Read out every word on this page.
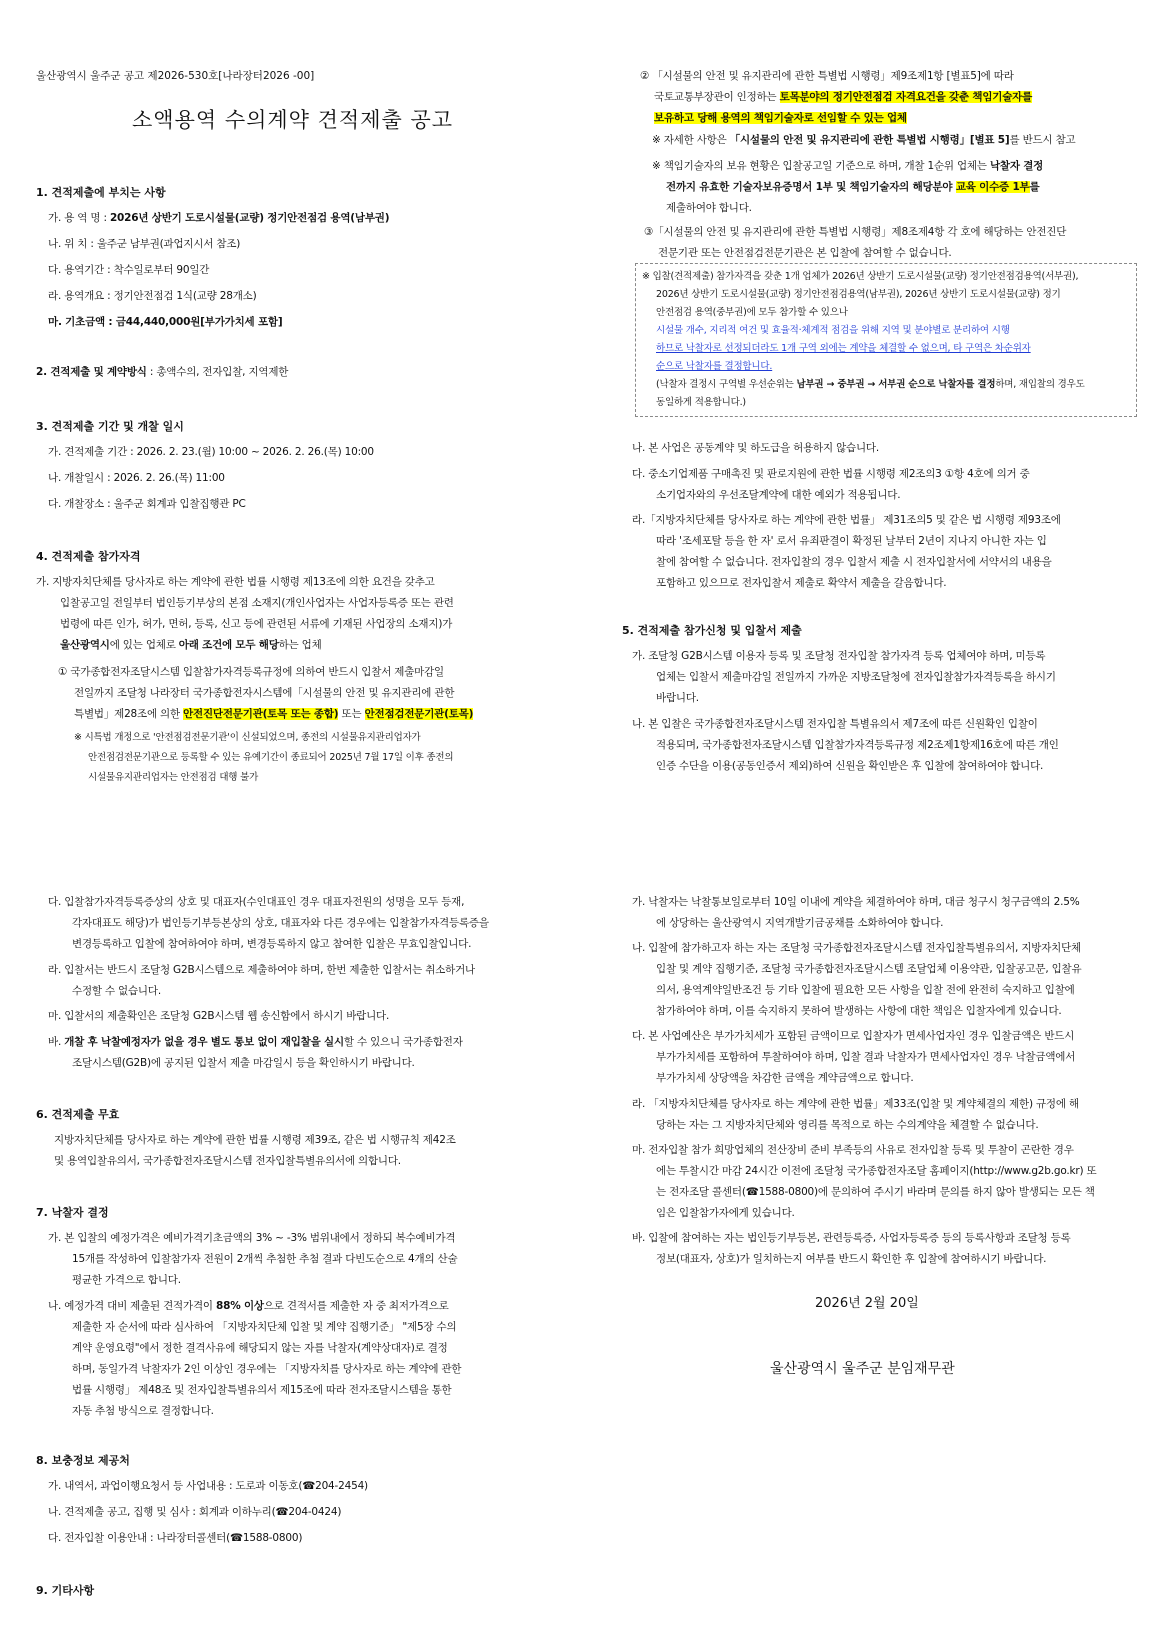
울산광역시 울주군 공고 제2026-530호[나라장터2026 -00]
소액용역 수의계약 견적제출 공고
1. 견적제출에 부치는 사항
가. 용 역 명 : 2026년 상반기 도로시설물(교량) 정기안전점검 용역(남부권)
나. 위 치 : 울주군 남부권(과업지시서 참조)
다. 용역기간 : 착수일로부터 90일간
라. 용역개요 : 정기안전점검 1식(교량 28개소)
마. 기초금액 : 금44,440,000원[부가가치세 포함]
2. 견적제출 및 계약방식 : 총액수의, 전자입찰, 지역제한
3. 견적제출 기간 및 개찰 일시
가. 견적제출 기간 : 2026. 2. 23.(월) 10:00 ~ 2026. 2. 26.(목) 10:00
나. 개찰일시 : 2026. 2. 26.(목) 11:00
다. 개찰장소 : 울주군 회계과 입찰집행관 PC
4. 견적제출 참가자격
가. 지방자치단체를 당사자로 하는 계약에 관한 법률 시행령 제13조에 의한 요건을 갖추고
입찰공고일 전일부터 법인등기부상의 본점 소재지(개인사업자는 사업자등록증 또는 관련
법령에 따른 인가, 허가, 면허, 등록, 신고 등에 관련된 서류에 기재된 사업장의 소재지)가
울산광역시에 있는 업체로 아래 조건에 모두 해당하는 업체
① 국가종합전자조달시스템 입찰참가자격등록규정에 의하여 반드시 입찰서 제출마감일
전일까지 조달청 나라장터 국가종합전자시스템에「시설물의 안전 및 유지관리에 관한
특별법」제28조에 의한 안전진단전문기관(토목 또는 종합) 또는 안전점검전문기관(토목)
※ 시특법 개정으로 '안전점검전문기관'이 신설되었으며, 종전의 시설물유지관리업자가
안전점검전문기관으로 등록할 수 있는 유예기간이 종료되어 2025년 7월 17일 이후 종전의
시설물유지관리업자는 안전점검 대행 불가
② 「시설물의 안전 및 유지관리에 관한 특별법 시행령」제9조제1항 [별표5]에 따라
국토교통부장관이 인정하는 토목분야의 정기안전점검 자격요건을 갖춘 책임기술자를
보유하고 당해 용역의 책임기술자로 선임할 수 있는 업체
※ 자세한 사항은 「시설물의 안전 및 유지관리에 관한 특별법 시행령」[별표 5]를 반드시 참고
※ 책임기술자의 보유 현황은 입찰공고일 기준으로 하며, 개찰 1순위 업체는 낙찰자 결정
전까지 유효한 기술자보유증명서 1부 및 책임기술자의 해당분야 교육 이수증 1부를
제출하여야 합니다.
③「시설물의 안전 및 유지관리에 관한 특별법 시행령」제8조제4항 각 호에 해당하는 안전진단
전문기관 또는 안전점검전문기관은 본 입찰에 참여할 수 없습니다.
※ 입찰(견적제출) 참가자격을 갖춘 1개 업체가 2026년 상반기 도로시설물(교량) 정기안전점검용역(서부권),
2026년 상반기 도로시설물(교량) 정기안전점검용역(남부권), 2026년 상반기 도로시설물(교량) 정기
안전점검 용역(중부권)에 모두 참가할 수 있으나
시설물 개수, 지리적 여건 및 효율적·체계적 점검을 위해 지역 및 분야별로 분리하여 시행
하므로 낙찰자로 선정되더라도 1개 구역 외에는 계약을 체결할 수 없으며, 타 구역은 차순위자
순으로 낙찰자를 결정합니다.
(낙찰자 결정시 구역별 우선순위는 남부권 → 중부권 → 서부권 순으로 낙찰자를 결정하며, 재입찰의 경우도
동일하게 적용합니다.)
나. 본 사업은 공동계약 및 하도급을 허용하지 않습니다.
다. 중소기업제품 구매촉진 및 판로지원에 관한 법률 시행령 제2조의3 ①항 4호에 의거 중
소기업자와의 우선조달계약에 대한 예외가 적용됩니다.
라.「지방자치단체를 당사자로 하는 계약에 관한 법률」 제31조의5 및 같은 법 시행령 제93조에
따라 '조세포탈 등을 한 자' 로서 유죄판결이 확정된 날부터 2년이 지나지 아니한 자는 입
찰에 참여할 수 없습니다. 전자입찰의 경우 입찰서 제출 시 전자입찰서에 서약서의 내용을
포함하고 있으므로 전자입찰서 제출로 확약서 제출을 갈음합니다.
5. 견적제출 참가신청 및 입찰서 제출
가. 조달청 G2B시스템 이용자 등록 및 조달청 전자입찰 참가자격 등록 업체여야 하며, 미등록
업체는 입찰서 제출마감일 전일까지 가까운 지방조달청에 전자입찰참가자격등록을 하시기
바랍니다.
나. 본 입찰은 국가종합전자조달시스템 전자입찰 특별유의서 제7조에 따른 신원확인 입찰이
적용되며, 국가종합전자조달시스템 입찰참가자격등록규정 제2조제1항제16호에 따른 개인
인증 수단을 이용(공동인증서 제외)하여 신원을 확인받은 후 입찰에 참여하여야 합니다.
다. 입찰참가자격등록증상의 상호 및 대표자(수인대표인 경우 대표자전원의 성명을 모두 등재,
각자대표도 해당)가 법인등기부등본상의 상호, 대표자와 다른 경우에는 입찰참가자격등록증을
변경등록하고 입찰에 참여하여야 하며, 변경등록하지 않고 참여한 입찰은 무효입찰입니다.
라. 입찰서는 반드시 조달청 G2B시스템으로 제출하여야 하며, 한번 제출한 입찰서는 취소하거나
수정할 수 없습니다.
마. 입찰서의 제출확인은 조달청 G2B시스템 웹 송신함에서 하시기 바랍니다.
바. 개찰 후 낙찰예정자가 없을 경우 별도 통보 없이 재입찰을 실시할 수 있으니 국가종합전자
조달시스템(G2B)에 공지된 입찰서 제출 마감일시 등을 확인하시기 바랍니다.
6. 견적제출 무효
지방자치단체를 당사자로 하는 계약에 관한 법률 시행령 제39조, 같은 법 시행규칙 제42조
및 용역입찰유의서, 국가종합전자조달시스템 전자입찰특별유의서에 의합니다.
7. 낙찰자 결정
가. 본 입찰의 예정가격은 예비가격기초금액의 3% ~ -3% 범위내에서 정하되 복수예비가격
15개를 작성하여 입찰참가자 전원이 2개씩 추첨한 추첨 결과 다빈도순으로 4개의 산술
평균한 가격으로 합니다.
나. 예정가격 대비 제출된 견적가격이 88% 이상으로 견적서를 제출한 자 중 최저가격으로
제출한 자 순서에 따라 심사하여 「지방자치단체 입찰 및 계약 집행기준」 "제5장 수의
계약 운영요령"에서 정한 결격사유에 해당되지 않는 자를 낙찰자(계약상대자)로 결정
하며, 동일가격 낙찰자가 2인 이상인 경우에는 「지방자치를 당사자로 하는 계약에 관한
법률 시행령」 제48조 및 전자입찰특별유의서 제15조에 따라 전자조달시스템을 통한
자동 추첨 방식으로 결정합니다.
8. 보충정보 제공처
가. 내역서, 과업이행요청서 등 사업내용 : 도로과 이동호(☎204-2454)
나. 견적제출 공고, 집행 및 심사 : 회계과 이하누리(☎204-0424)
다. 전자입찰 이용안내 : 나라장터콜센터(☎1588-0800)
9. 기타사항
가. 낙찰자는 낙찰통보일로부터 10일 이내에 계약을 체결하여야 하며, 대금 청구시 청구금액의 2.5%
에 상당하는 울산광역시 지역개발기금공채를 소화하여야 합니다.
나. 입찰에 참가하고자 하는 자는 조달청 국가종합전자조달시스템 전자입찰특별유의서, 지방자치단체
입찰 및 계약 집행기준, 조달청 국가종합전자조달시스템 조달업체 이용약관, 입찰공고문, 입찰유
의서, 용역계약일반조건 등 기타 입찰에 필요한 모든 사항을 입찰 전에 완전히 숙지하고 입찰에
참가하여야 하며, 이를 숙지하지 못하여 발생하는 사항에 대한 책임은 입찰자에게 있습니다.
다. 본 사업예산은 부가가치세가 포함된 금액이므로 입찰자가 면세사업자인 경우 입찰금액은 반드시
부가가치세를 포함하여 투찰하여야 하며, 입찰 결과 낙찰자가 면세사업자인 경우 낙찰금액에서
부가가치세 상당액을 차감한 금액을 계약금액으로 합니다.
라. 「지방자치단체를 당사자로 하는 계약에 관한 법률」제33조(입찰 및 계약체결의 제한) 규정에 해
당하는 자는 그 지방자치단체와 영리를 목적으로 하는 수의계약을 체결할 수 없습니다.
마. 전자입찰 참가 희망업체의 전산장비 준비 부족등의 사유로 전자입찰 등록 및 투찰이 곤란한 경우
에는 투찰시간 마감 24시간 이전에 조달청 국가종합전자조달 홈페이지(http://www.g2b.go.kr) 또
는 전자조달 콜센터(☎1588-0800)에 문의하여 주시기 바라며 문의를 하지 않아 발생되는 모든 책
임은 입찰참가자에게 있습니다.
바. 입찰에 참여하는 자는 법인등기부등본, 관련등록증, 사업자등록증 등의 등록사항과 조달청 등록
정보(대표자, 상호)가 일치하는지 여부를 반드시 확인한 후 입찰에 참여하시기 바랍니다.
2026년 2월 20일
울산광역시 울주군 분임재무관
